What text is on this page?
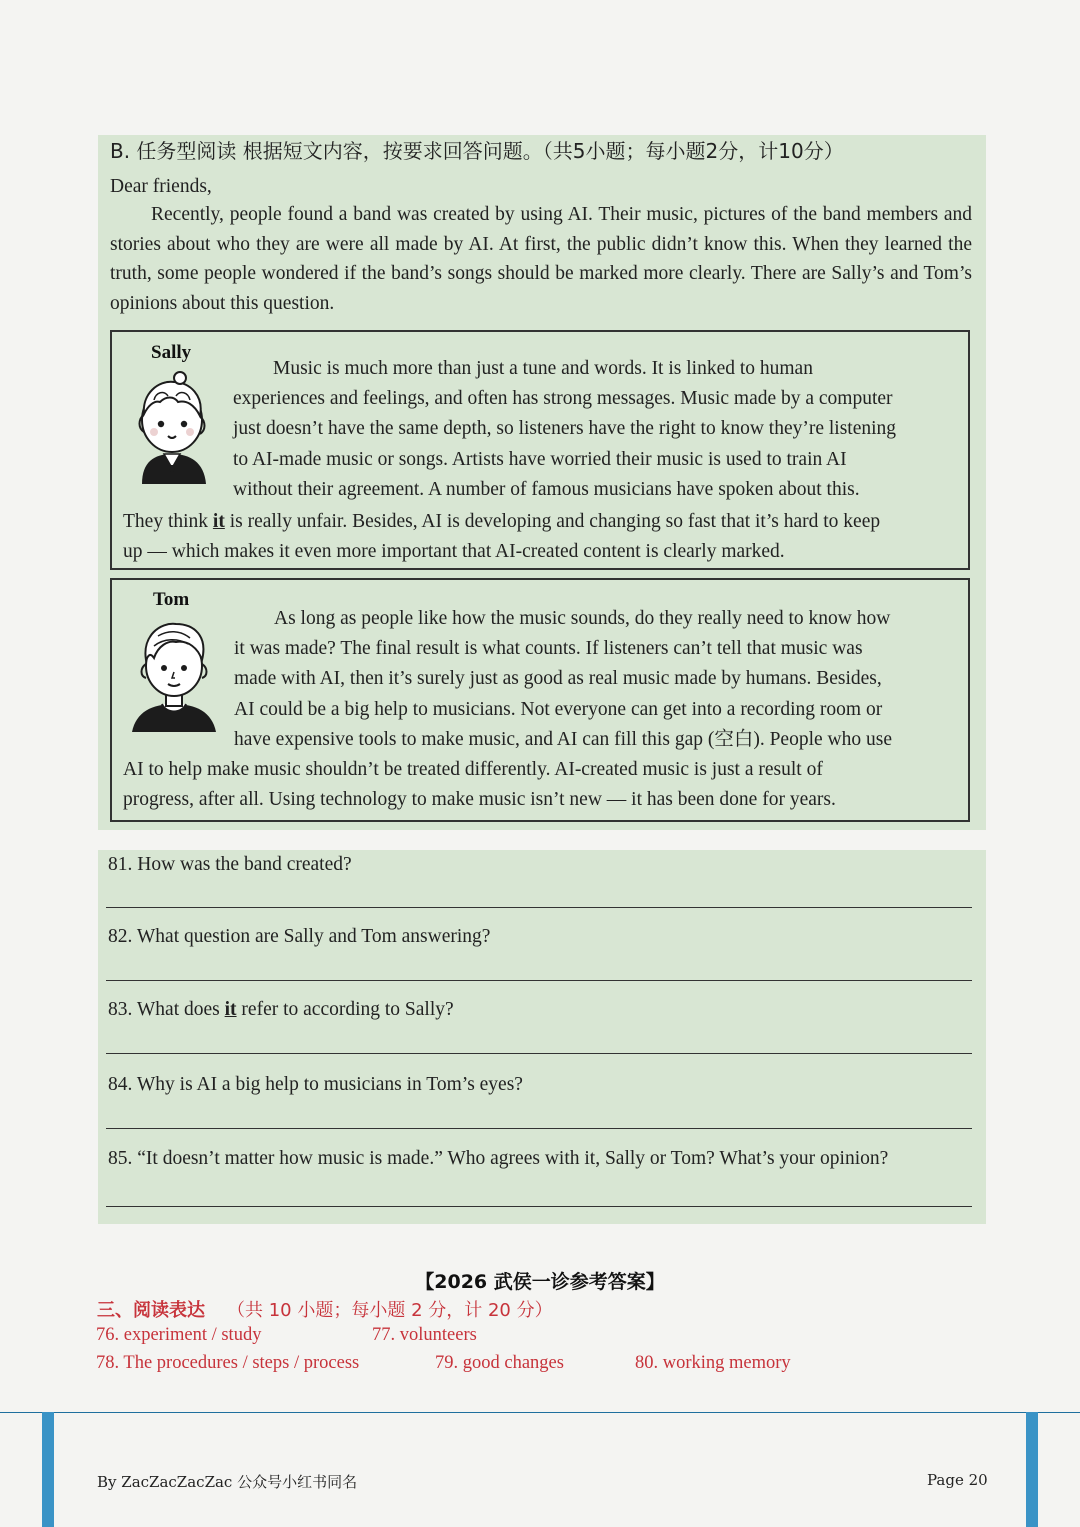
B. 任务型阅读 根据短文内容，按要求回答问题。（共5小题；每小题2分，计10分）
Dear friends,
Recently, people found a band was created by using AI. Their music, pictures of the band members and stories about who they are were all made by AI. At first, the public didn’t know this. When they learned the truth, some people wondered if the band’s songs should be marked more clearly. There are Sally’s and Tom’s opinions about this question.
Sally
Music is much more than just a tune and words. It is linked to human
experiences and feelings, and often has strong messages. Music made by a computer
just doesn’t have the same depth, so listeners have the right to know they’re listening
to AI-made music or songs. Artists have worried their music is used to train AI
without their agreement. A number of famous musicians have spoken about this.
They think it is really unfair. Besides, AI is developing and changing so fast that it’s hard to keep
up — which makes it even more important that AI-created content is clearly marked.
Tom
As long as people like how the music sounds, do they really need to know how
it was made? The final result is what counts. If listeners can’t tell that music was
made with AI, then it’s surely just as good as real music made by humans. Besides,
AI could be a big help to musicians. Not everyone can get into a recording room or
have expensive tools to make music, and AI can fill this gap (空白). People who use
AI to help make music shouldn’t be treated differently. AI-created music is just a result of
progress, after all. Using technology to make music isn’t new — it has been done for years.
81. How was the band created?
82. What question are Sally and Tom answering?
83. What does it refer to according to Sally?
84. Why is AI a big help to musicians in Tom’s eyes?
85. “It doesn’t matter how music is made.” Who agrees with it, Sally or Tom? What’s your opinion?
【2026 武侯一诊参考答案】
三、阅读表达 （共 10 小题；每小题 2 分，计 20 分）
76. experiment / study	77. volunteers
78. The procedures / steps / process	79. good changes	80. working memory
By ZacZacZacZac 公众号小红书同名	Page 20
